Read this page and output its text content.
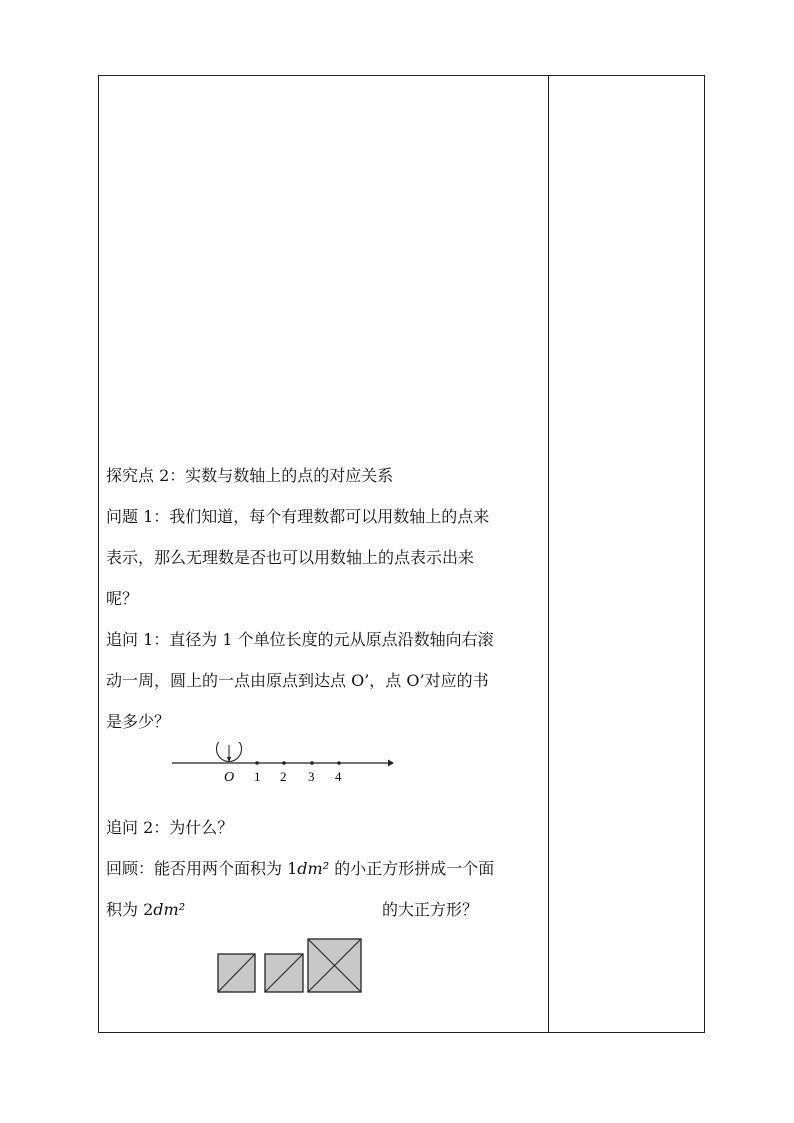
探究点 2：实数与数轴上的点的对应关系

问题 1：我们知道，每个有理数都可以用数轴上的点来

表示，那么无理数是否也可以用数轴上的点表示出来

呢？

追问 1：直径为 1 个单位长度的元从原点沿数轴向右滚

动一周，圆上的一点由原点到达点 O’，点 O’对应的书

是多少？

O 1 2 3 4

追问 2：为什么？

回顾：能否用两个面积为 1dm² 的小正方形拼成一个面

积为 2dm²	的大正方形？
